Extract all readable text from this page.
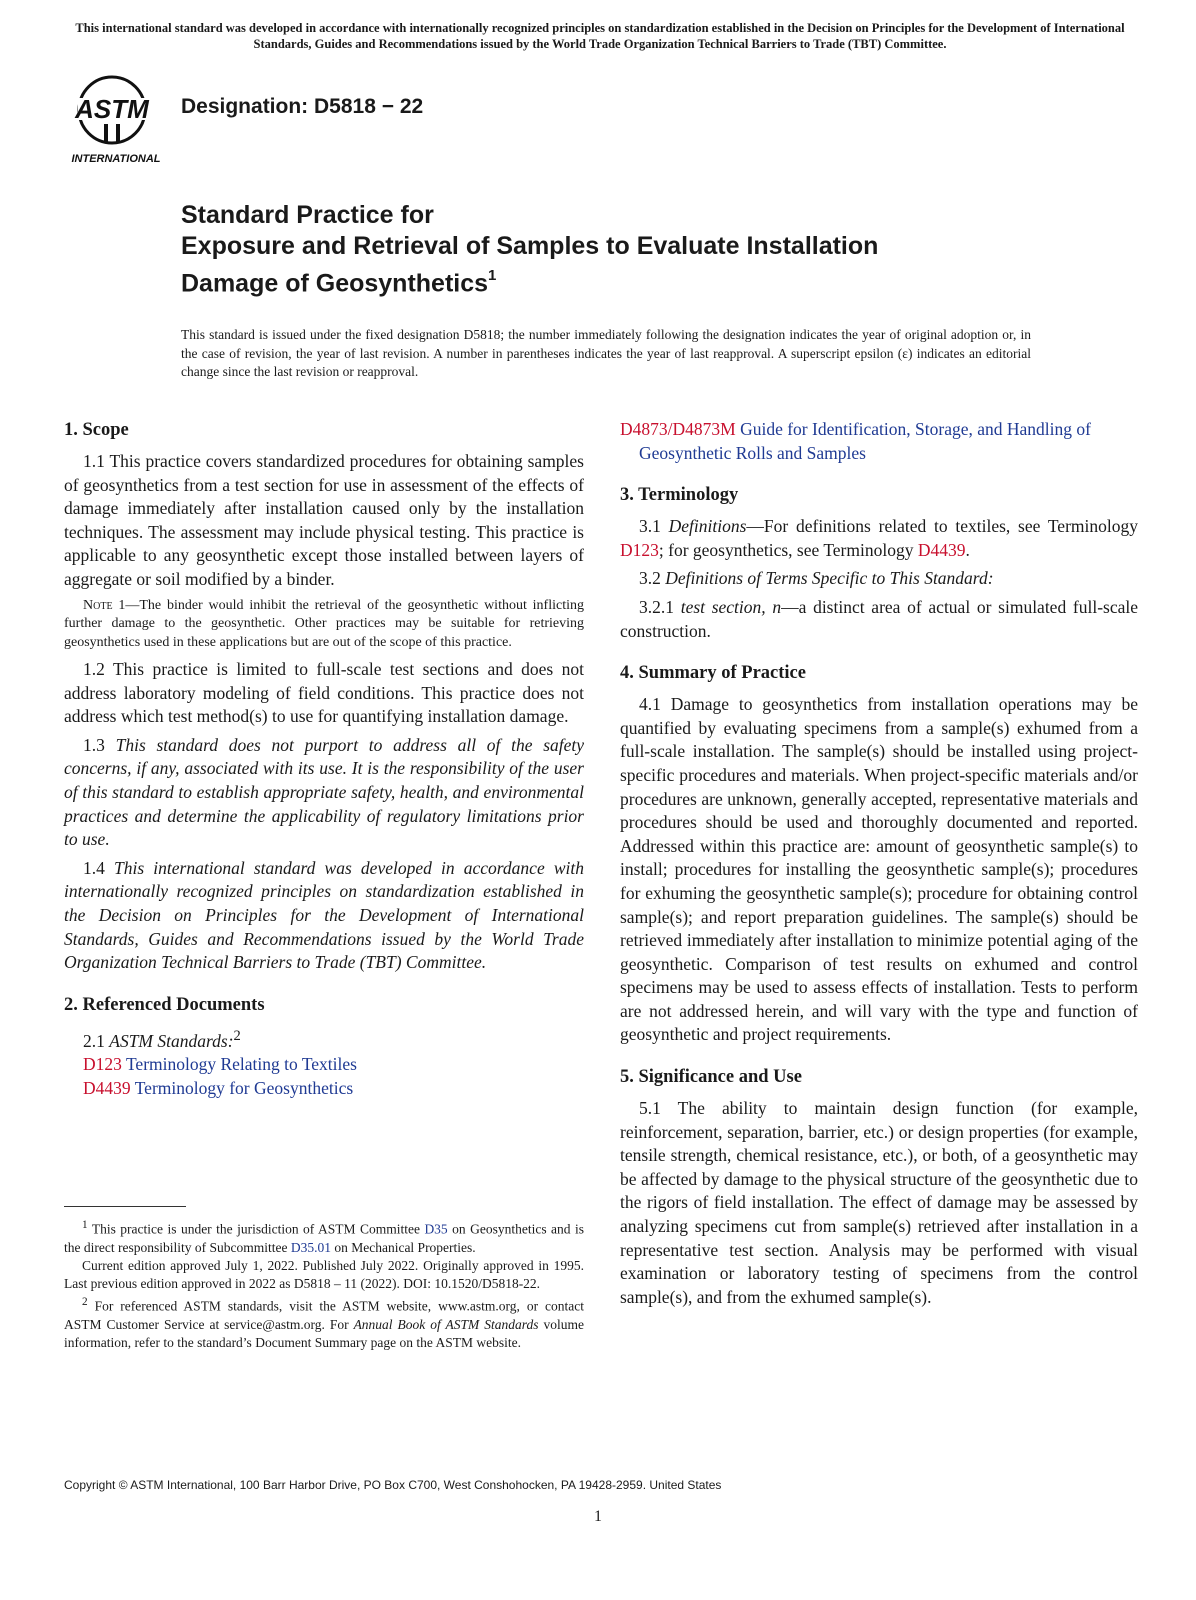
This international standard was developed in accordance with internationally recognized principles on standardization established in the Decision on Principles for the Development of International Standards, Guides and Recommendations issued by the World Trade Organization Technical Barriers to Trade (TBT) Committee.
ASTM
INTERNATIONAL
Designation: D5818 − 22
Standard Practice for
Exposure and Retrieval of Samples to Evaluate Installation
Damage of Geosynthetics$^1$
This standard is issued under the fixed designation D5818; the number immediately following the designation indicates the year of original adoption or, in the case of revision, the year of last revision. A number in parentheses indicates the year of last reapproval. A superscript epsilon (ε) indicates an editorial change since the last revision or reapproval.
1. Scope

1.1 This practice covers standardized procedures for obtaining samples of geosynthetics from a test section for use in assessment of the effects of damage immediately after installation caused only by the installation techniques. The assessment may include physical testing. This practice is applicable to any geosynthetic except those installed between layers of aggregate or soil modified by a binder.

Note 1—The binder would inhibit the retrieval of the geosynthetic without inflicting further damage to the geosynthetic. Other practices may be suitable for retrieving geosynthetics used in these applications but are out of the scope of this practice.

1.2 This practice is limited to full-scale test sections and does not address laboratory modeling of field conditions. This practice does not address which test method(s) to use for quantifying installation damage.

1.3 This standard does not purport to address all of the safety concerns, if any, associated with its use. It is the responsibility of the user of this standard to establish appropriate safety, health, and environmental practices and determine the applicability of regulatory limitations prior to use.

1.4 This international standard was developed in accordance with internationally recognized principles on standardization established in the Decision on Principles for the Development of International Standards, Guides and Recommendations issued by the World Trade Organization Technical Barriers to Trade (TBT) Committee.

2. Referenced Documents

2.1 ASTM Standards:$^2$

D123 Terminology Relating to Textiles
D4439 Terminology for Geosynthetics
D4873/D4873M Guide for Identification, Storage, and Handling of Geosynthetic Rolls and Samples
3. Terminology

3.1 Definitions—For definitions related to textiles, see Terminology D123; for geosynthetics, see Terminology D4439.

3.2 Definitions of Terms Specific to This Standard:

3.2.1 test section, n—a distinct area of actual or simulated full-scale construction.

4. Summary of Practice

4.1 Damage to geosynthetics from installation operations may be quantified by evaluating specimens from a sample(s) exhumed from a full-scale installation. The sample(s) should be installed using project-specific procedures and materials. When project-specific materials and/or procedures are unknown, generally accepted, representative materials and procedures should be used and thoroughly documented and reported. Addressed within this practice are: amount of geosynthetic sample(s) to install; procedures for installing the geosynthetic sample(s); procedures for exhuming the geosynthetic sample(s); procedure for obtaining control sample(s); and report preparation guidelines. The sample(s) should be retrieved immediately after installation to minimize potential aging of the geosynthetic. Comparison of test results on exhumed and control specimens may be used to assess effects of installation. Tests to perform are not addressed herein, and will vary with the type and function of geosynthetic and project requirements.

5. Significance and Use

5.1 The ability to maintain design function (for example, reinforcement, separation, barrier, etc.) or design properties (for example, tensile strength, chemical resistance, etc.), or both, of a geosynthetic may be affected by damage to the physical structure of the geosynthetic due to the rigors of field installation. The effect of damage may be assessed by analyzing specimens cut from sample(s) retrieved after installation in a representative test section. Analysis may be performed with visual examination or laboratory testing of specimens from the control sample(s), and from the exhumed sample(s).

$^1$ This practice is under the jurisdiction of ASTM Committee D35 on Geosynthetics and is the direct responsibility of Subcommittee D35.01 on Mechanical Properties.

Current edition approved July 1, 2022. Published July 2022. Originally approved in 1995. Last previous edition approved in 2022 as D5818 – 11 (2022). DOI: 10.1520/D5818-22.

$^2$ For referenced ASTM standards, visit the ASTM website, www.astm.org, or contact ASTM Customer Service at service@astm.org. For Annual Book of ASTM Standards volume information, refer to the standard’s Document Summary page on the ASTM website.

Copyright © ASTM International, 100 Barr Harbor Drive, PO Box C700, West Conshohocken, PA 19428-2959. United States
1
